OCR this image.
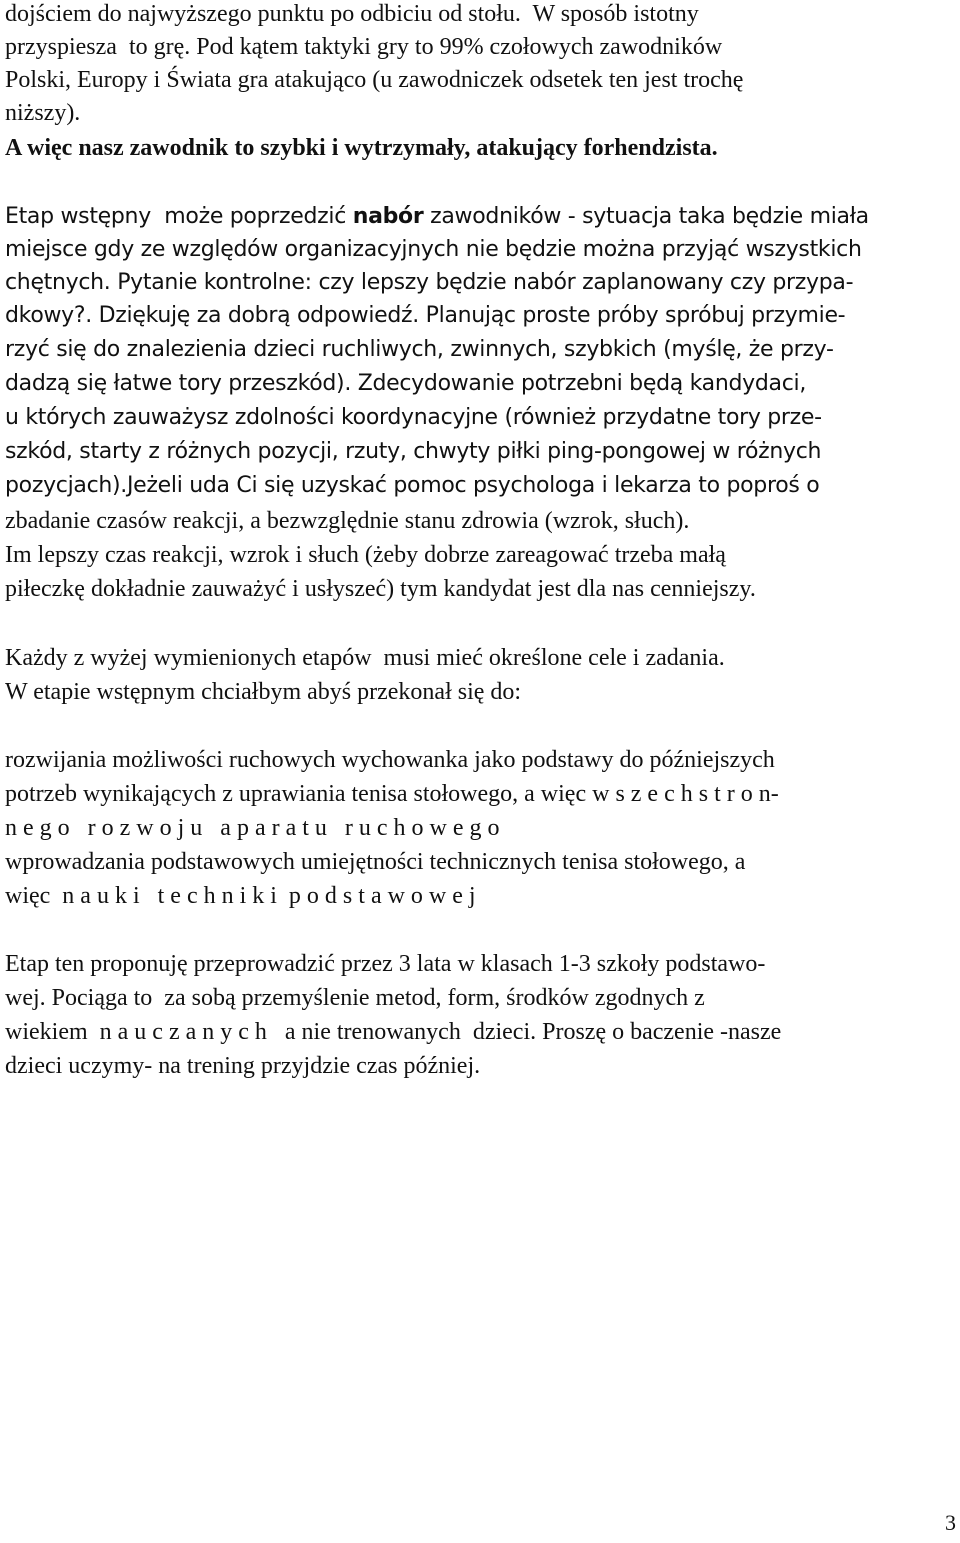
dojściem do najwyższego punktu po odbiciu od stołu.  W sposób istotny
przyspiesza  to grę. Pod kątem taktyki gry to 99% czołowych zawodników
Polski, Europy i Świata gra atakująco (u zawodniczek odsetek ten jest trochę
niższy).
A więc nasz zawodnik to szybki i wytrzymały, atakujący forhendzista.
Etap wstępny  może poprzedzić nabór zawodników - sytuacja taka będzie miała
miejsce gdy ze względów organizacyjnych nie będzie można przyjąć wszystkich
chętnych. Pytanie kontrolne: czy lepszy będzie nabór zaplanowany czy przypa-
dkowy?. Dziękuję za dobrą odpowiedź. Planując proste próby spróbuj przymie-
rzyć się do znalezienia dzieci ruchliwych, zwinnych, szybkich (myślę, że przy-
dadzą się łatwe tory przeszkód). Zdecydowanie potrzebni będą kandydaci,
u których zauważysz zdolności koordynacyjne (również przydatne tory prze-
szkód, starty z różnych pozycji, rzuty, chwyty piłki ping-pongowej w różnych
pozycjach).Jeżeli uda Ci się uzyskać pomoc psychologa i lekarza to poproś o
zbadanie czasów reakcji, a bezwzględnie stanu zdrowia (wzrok, słuch).
Im lepszy czas reakcji, wzrok i słuch (żeby dobrze zareagować trzeba małą
piłeczkę dokładnie zauważyć i usłyszeć) tym kandydat jest dla nas cenniejszy.
Każdy z wyżej wymienionych etapów  musi mieć określone cele i zadania.
W etapie wstępnym chciałbym abyś przekonał się do:
rozwijania możliwości ruchowych wychowanka jako podstawy do późniejszych
potrzeb wynikających z uprawiania tenisa stołowego, a więc w s z e c h s t r o n-
n e g o   r o z w o j u   a p a r a t u   r u c h o w e g o
wprowadzania podstawowych umiejętności technicznych tenisa stołowego, a
więc  n a u k i   t e c h n i k i  p o d s t a w o w e j
Etap ten proponuję przeprowadzić przez 3 lata w klasach 1-3 szkoły podstawo-
wej. Pociąga to  za sobą przemyślenie metod, form, środków zgodnych z
wiekiem  n a u c z a n y c h   a nie trenowanych  dzieci. Proszę o baczenie -nasze
dzieci uczymy- na trening przyjdzie czas później.
3
